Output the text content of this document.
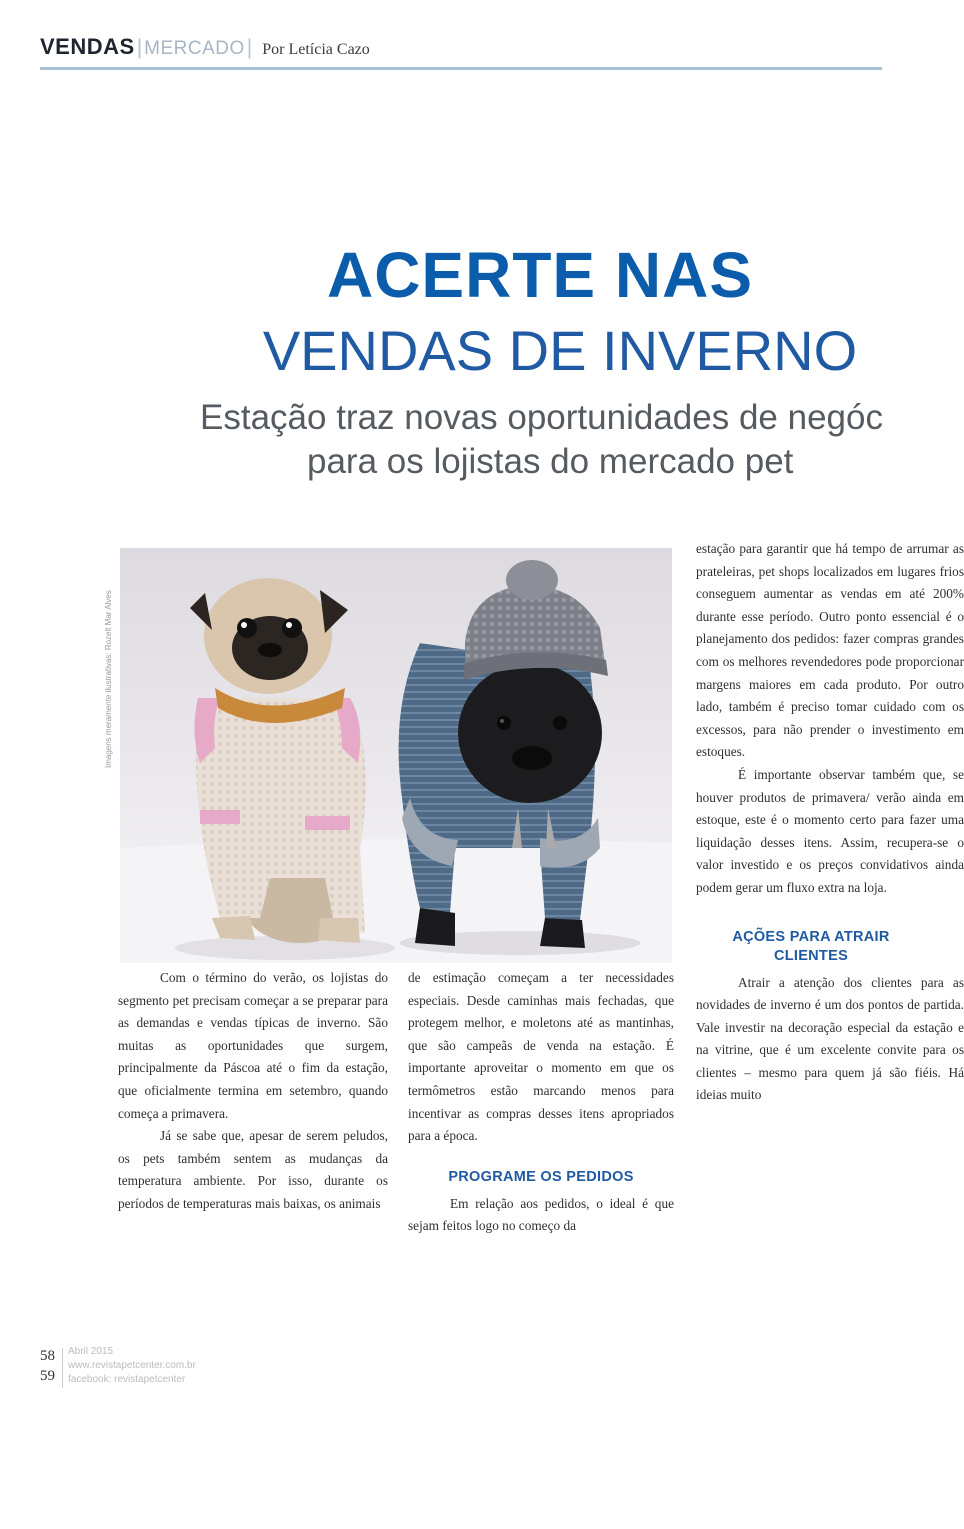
VENDAS | MERCADO | Por Letícia Cazo
ACERTE NAS
VENDAS DE INVERNO
Estação traz novas oportunidades de negóc
para os lojistas do mercado pet
Imagens meramente ilustrativas: Rozelt Mar Alves

Com o término do verão, os lojistas do segmento pet precisam começar a se preparar para as demandas e vendas típicas de inverno. São muitas as oportunidades que surgem, principalmente da Páscoa até o fim da estação, que oficialmente termina em setembro, quando começa a primavera.

Já se sabe que, apesar de serem peludos, os pets também sentem as mudanças da temperatura ambiente. Por isso, durante os períodos de temperaturas mais baixas, os animais

de estimação começam a ter necessidades especiais. Desde caminhas mais fechadas, que protegem melhor, e moletons até as mantinhas, que são campeãs de venda na estação. É importante aproveitar o momento em que os termômetros estão marcando menos para incentivar as compras desses itens apropriados para a época.

PROGRAME OS PEDIDOS

Em relação aos pedidos, o ideal é que sejam feitos logo no começo da

estação para garantir que há tempo de arrumar as prateleiras, pet shops localizados em lugares frios conseguem aumentar as vendas em até 200% durante esse período. Outro ponto essencial é o planejamento dos pedidos: fazer compras grandes com os melhores revendedores pode proporcionar margens maiores em cada produto. Por outro lado, também é preciso tomar cuidado com os excessos, para não prender o investimento em estoques.

É importante observar também que, se houver produtos de primavera/ verão ainda em estoque, este é o momento certo para fazer uma liquidação desses itens. Assim, recupera-se o valor investido e os preços convidativos ainda podem gerar um fluxo extra na loja.

AÇÕES PARA ATRAIR CLIENTES

Atrair a atenção dos clientes para as novidades de inverno é um dos pontos de partida. Vale investir na decoração especial da estação e na vitrine, que é um excelente convite para os clientes – mesmo para quem já são fiéis. Há ideias muito

58
59
Abril 2015
www.revistapetcenter.com.br
facebook: revistapetcenter
